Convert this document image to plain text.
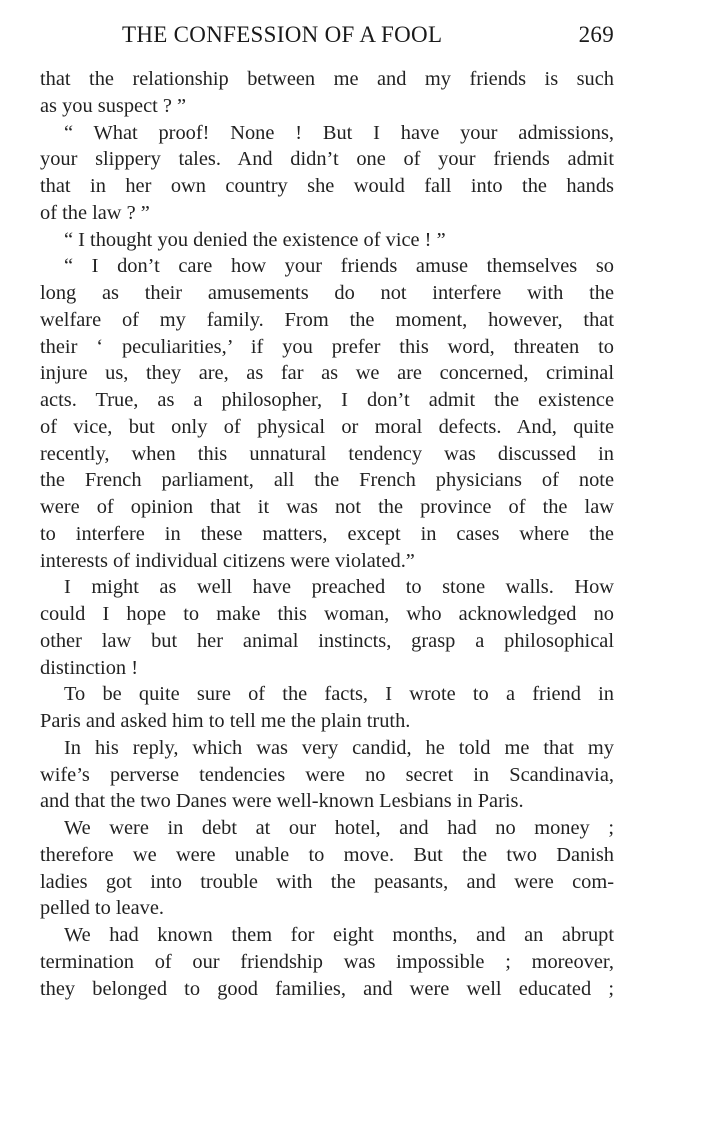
THE CONFESSION OF A FOOL	269
that the relationship between me and my friends is such
as you suspect ? ”
“ What proof! None ! But I have your admissions,
your slippery tales. And didn’t one of your friends admit
that in her own country she would fall into the hands
of the law ? ”
“ I thought you denied the existence of vice ! ”
“ I don’t care how your friends amuse themselves so
long as their amusements do not interfere with the
welfare of my family. From the moment, however, that
their ‘ peculiarities,’ if you prefer this word, threaten to
injure us, they are, as far as we are concerned, criminal
acts. True, as a philosopher, I don’t admit the existence
of vice, but only of physical or moral defects. And, quite
recently, when this unnatural tendency was discussed in
the French parliament, all the French physicians of note
were of opinion that it was not the province of the law
to interfere in these matters, except in cases where the
interests of individual citizens were violated.”
I might as well have preached to stone walls. How
could I hope to make this woman, who acknowledged no
other law but her animal instincts, grasp a philosophical
distinction !
To be quite sure of the facts, I wrote to a friend in
Paris and asked him to tell me the plain truth.
In his reply, which was very candid, he told me that my
wife’s perverse tendencies were no secret in Scandinavia,
and that the two Danes were well-known Lesbians in Paris.
We were in debt at our hotel, and had no money ;
therefore we were unable to move. But the two Danish
ladies got into trouble with the peasants, and were com-
pelled to leave.
We had known them for eight months, and an abrupt
termination of our friendship was impossible ; moreover,
they belonged to good families, and were well educated ;
